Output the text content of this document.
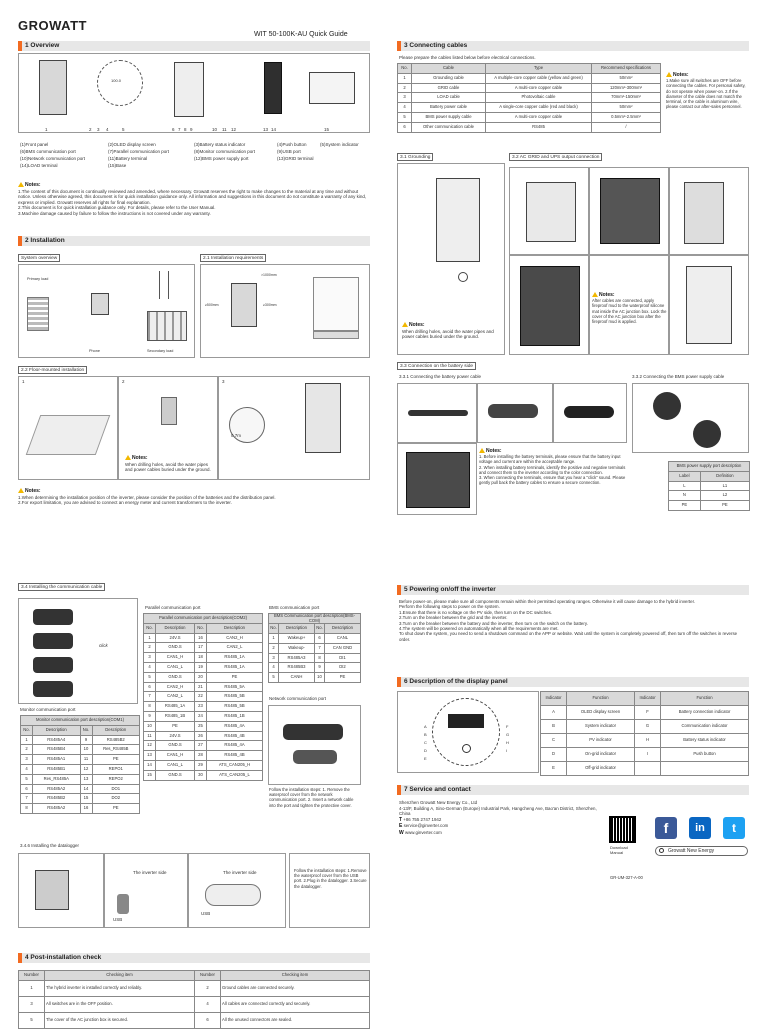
GROWATT
WIT 50-100K-AU Quick Guide
1 Overview
100.0
1	2 3 4	5	6 7 8 9	10 11 12	13 14	15
(1)Front panel	(2)OLED display screen	(3)Battery status indicator	(4)Push button	(5)System indicator
(6)BMS communication port	(7)Parallel communication port	(8)Monitor communication port	(9)USB port
(10)Network communication port	(11)Battery terminal	(12)BMS power supply port	(13)GRID terminal
(14)LOAD terminal	(15)Base
Notes:
1.The content of this document is continually reviewed and amended, where necessary. Growatt reserves the right to make changes to the material at any time and without notice. Unless otherwise agreed, this document is for quick installation guidance only. All information and suggestions in this document do not constitute a warranty of any kind, express or implied. Growatt reserves all rights for final explanation.
2.This document is for quick installation guidance only. For details, please refer to the User Manual.
3.Machine damage caused by failure to follow the instructions is not covered under any warranty.
2 Installation
System overview
Primary load
Phone	Secondary load
2.1 Installation requirements
>1000mm
≥500mm	≥300mm
2.2 Floor-mounted installation
1	2
Notes:
When drilling holes, avoid the water pipes and power cables buried under the ground.
3
0.7m
Notes:
1.When determining the installation position of the inverter, please consider the position of the batteries and the distribution panel.
2.For export limitation, you are advised to connect an energy meter and current transformers to the inverter.
3 Connecting cables
Please prepare the cables listed below before electrical connections.
No.	Cable	Type	Recommend specifications
1	Grounding cable	A multiple-core copper cable (yellow and green)	50mm²
2	GRID cable	A multi-core copper cable	120mm²-300mm²
3	LOAD cable	Photovoltaic cable	70mm²-150mm²
4	Battery power cable	A single-core copper cable (red and black)	50mm²
5	BMS power supply cable	A multi-core copper cable	0.5mm²-2.5mm²
6	Other communication cable	RS485	/
Notes:
1.Make sure all switches are OFF before connecting the cables. For personal safety, do not operate when power-on. 2.If the diameter of the cable does not match the terminal, or the cable is aluminum wire, please contact our after-sales personnel.
3.1 Grounding
Notes:
When drilling holes, avoid the water pipes and power cables buried under the ground.
3.2 AC GRID and UPS output connection
Notes:
After cables are connected, apply fireproof mud to the waterproof silicone mat inside the AC junction box. Lock the cover of the AC junction box after the fireproof mud is applied.
3.3 Connection on the battery side
3.3.1 Connecting the battery power cable	3.3.2 Connecting the BMS power supply cable
Notes:
1. Before installing the battery terminals, please ensure that the battery input voltage and current are within the acceptable range.
2. When installing battery terminals, identify the positive and negative terminals and connect them to the inverter according to the color connection.
3. When connecting the terminals, ensure that you hear a "click" sound. Please gently pull back the battery cables to ensure a secure connection.
BMS power supply port description	
Label	Definition
L	L1
N	L2
PE	PE
3.4 Installing the communication cable
click
Monitor communication port
Monitor communication port description(COM1)			
No.	Description	No.	Description
1	RS485A4	9	RS485B2
2	RS485B4	10	Res_RS485B
3	RS485A1	11	PE
4	RS485B1	12	REPO1
5	Res_RS485A	13	REPO2
6	RS485A2	14	DO1
7	RS485B2	15	DO2
8	RS485A2	16	PE
Parallel communication port
Parallel communication port description(COM2)			
No.	Description	No.	Description
1	24V.S	16	CAN2_H
2	GND.S	17	CAN2_L
3	CAN1_H	18	RS485_1A
4	CAN1_L	19	RS485_1A
5	GND.S	20	PE
6	CAN2_H	21	RS485_5A
7	CAN2_L	22	RS485_5B
8	RS485_1A	23	RS485_5B
9	RS485_1B	24	RS485_1B
10	PE	25	RS485_4A
11	24V.S	26	RS485_4B
12	GND.S	27	RS485_4A
13	CAN1_H	28	RS485_4B
14	CAN1_L	29	ATS_CAN205_H
15	GND.S	30	ATS_CAN205_L
BMS communication port
BMS Communication port description(BMS-COM)			
No.	Description	No.	Description
1	Wakeup+	6	CANL
2	Wakeup-	7	CAN GND
3	RS485A3	8	DI1
4	RS485B3	9	DI2
5	CANH	10	PE
Network communication port
Follow the installation steps: 1. Remove the waterproof cover from the network communication port. 2. Insert a network cable into the port and tighten the protective cover.
3.4.6 Installing the datalogger
The inverter side
USB
The inverter side
USB
Follow the installation steps: 1.Remove the waterproof cover from the USB port. 2.Plug in the datalogger. 3.Secure the datalogger.
4 Post-installation check
Number	Checking item	Number	Checking item
1	The hybrid inverter is installed correctly and reliably.	2	Ground cables are connected securely.
3	All switches are in the OFF position.	4	All cables are connected correctly and securely.
5	The cover of the AC junction box is secured.	6	All the unused connectors are sealed.
5 Powering on/off the inverter
Before power-on, please make sure all components remain within their permitted operating ranges. Otherwise it will cause damage to the hybrid inverter.
Perform the following steps to power on the system.
1.Ensure that there is no voltage on the PV side, then turn on the DC switches.
2.Turn on the breaker between the grid and the inverter.
3.Turn on the breaker between the battery and the inverter, then turn on the switch on the battery.
4.The system will be powered on automatically when all the requirements are met.
To shut down the system, you need to send a shutdown command on the APP or website. Wait until the system is completely powered off, then turn off the switches in reverse order.
6 Description of the display panel
A
B
C
D
E
F
G
H
I
Indicator	Function	Indicator	Function
A	OLED display screen	F	Battery connection indicator
B	System indicator	G	Communication indicator
C	PV indicator	H	Battery status indicator
D	On-grid indicator	I	Push button
E	Off-grid indicator		
7 Service and contact
Shenzhen Growatt New Energy Co., Ltd
4-13/F, Building A, Sino-German (Europe) Industrial Park, Hangcheng Ave, Bao'an District, Shenzhen, China
T +86 755 2747 1942
E service@ginverter.com
W www.ginverter.com
Download Manual
f	in	t
Growatt New Energy
GR-UM-327-A-00
